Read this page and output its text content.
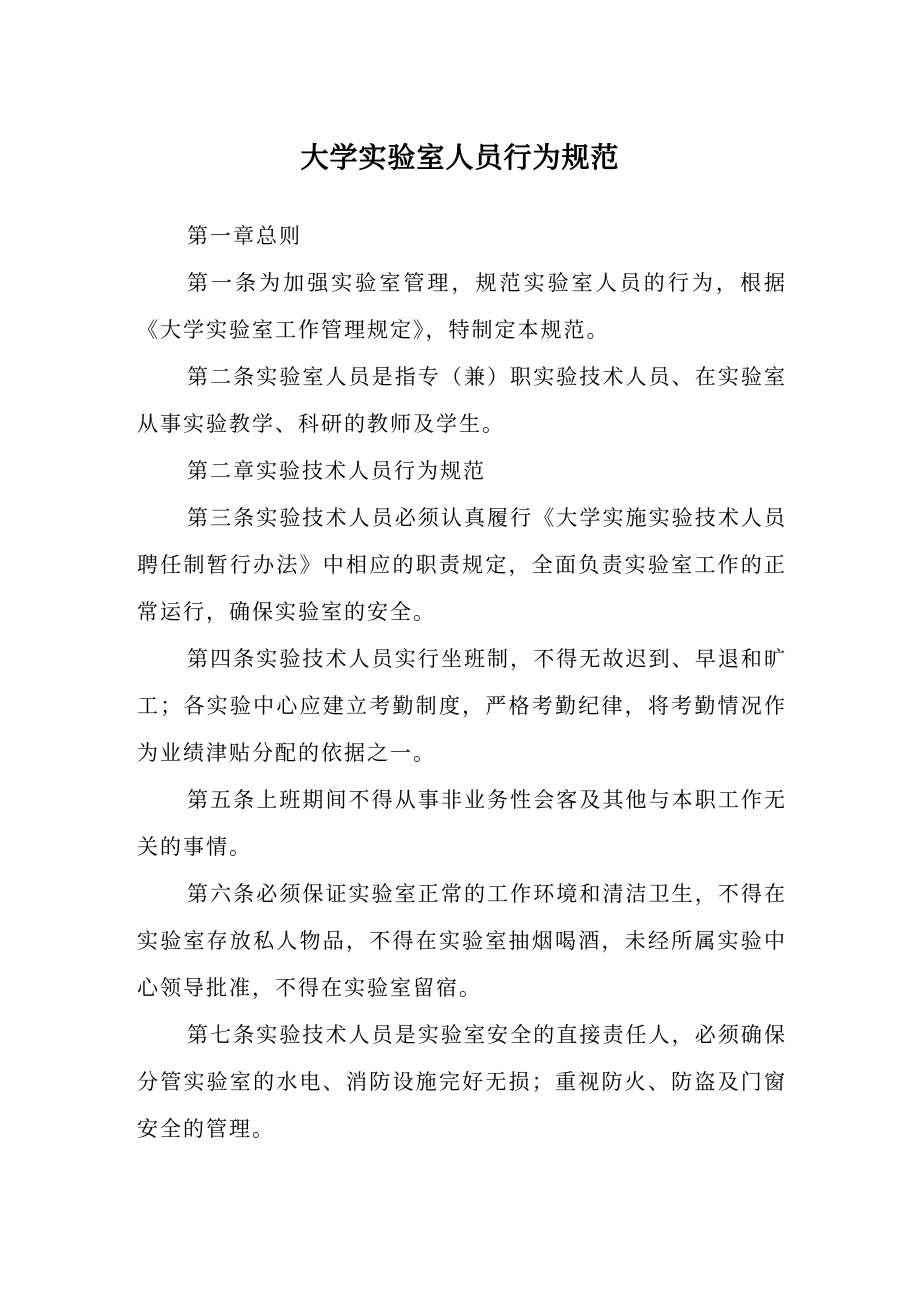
大学实验室人员行为规范

第一章总则

第一条为加强实验室管理，规范实验室人员的行为，根据《大学实验室工作管理规定》，特制定本规范。

第二条实验室人员是指专（兼）职实验技术人员、在实验室从事实验教学、科研的教师及学生。

第二章实验技术人员行为规范

第三条实验技术人员必须认真履行《大学实施实验技术人员聘任制暂行办法》中相应的职责规定，全面负责实验室工作的正常运行，确保实验室的安全。

第四条实验技术人员实行坐班制，不得无故迟到、早退和旷工；各实验中心应建立考勤制度，严格考勤纪律，将考勤情况作为业绩津贴分配的依据之一。

第五条上班期间不得从事非业务性会客及其他与本职工作无关的事情。

第六条必须保证实验室正常的工作环境和清洁卫生，不得在实验室存放私人物品，不得在实验室抽烟喝酒，未经所属实验中心领导批准，不得在实验室留宿。

第七条实验技术人员是实验室安全的直接责任人，必须确保分管实验室的水电、消防设施完好无损；重视防火、防盗及门窗安全的管理。
